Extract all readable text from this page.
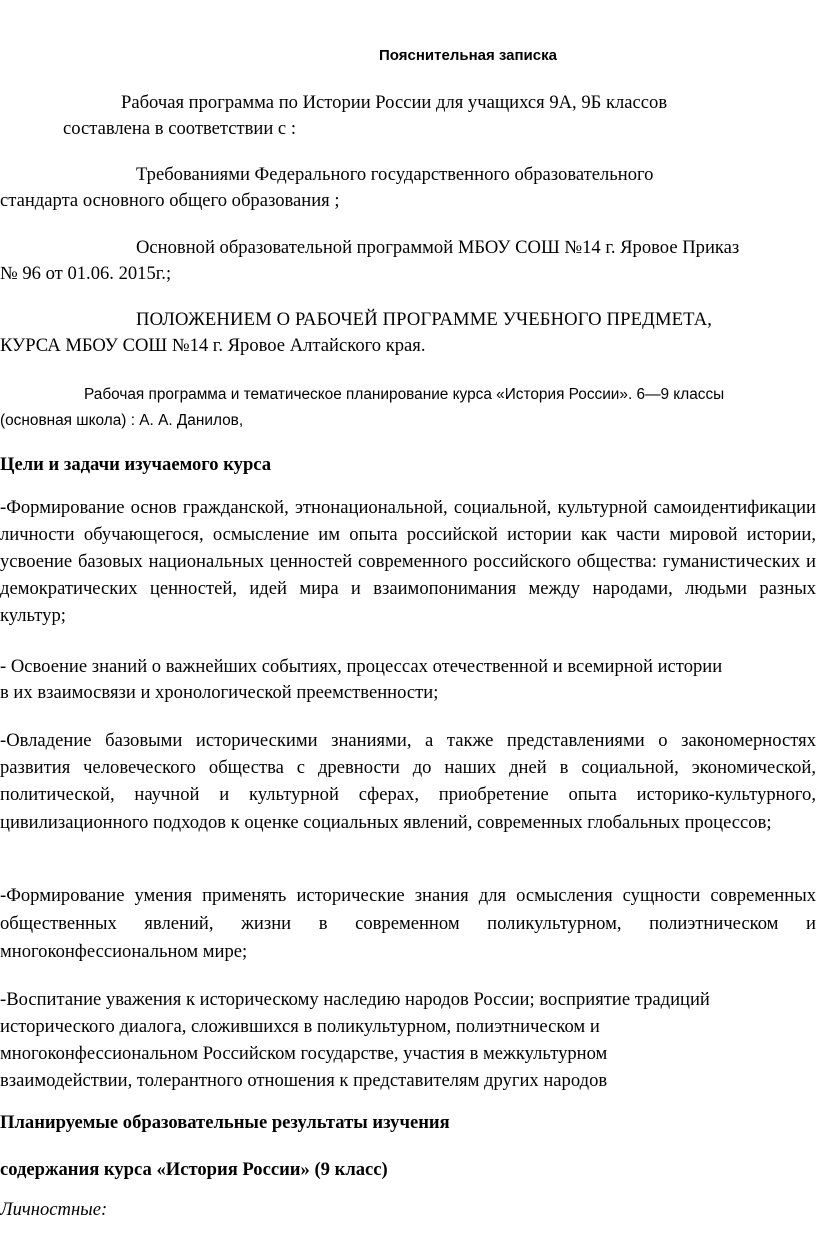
Пояснительная записка
Рабочая программа по Истории России для учащихся 9А, 9Б классов
составлена в соответствии с :
Требованиями Федерального государственного образовательного
стандарта основного общего образования ;
Основной образовательной программой МБОУ СОШ №14 г. Яровое Приказ
№ 96 от 01.06. 2015г.;
ПОЛОЖЕНИЕМ О РАБОЧЕЙ ПРОГРАММЕ УЧЕБНОГО ПРЕДМЕТА,
КУРСА МБОУ СОШ №14 г. Яровое Алтайского края.
Рабочая программа и тематическое планирование курса «История России». 6—9 классы
(основная школа) : А. А. Данилов,
Цели и задачи изучаемого курса
-Формирование основ гражданской, этнонациональной, социальной, культурной самоидентификации личности обучающегося, осмысление им опыта российской истории как части мировой истории, усвоение базовых национальных ценностей современного российского общества: гуманистических и демократических ценностей, идей мира и взаимопонимания между народами, людьми разных культур;
- Освоение знаний о важнейших событиях, процессах отечественной и всемирной истории
в их взаимосвязи и хронологической преемственности;
-Овладение базовыми историческими знаниями, а также представлениями о закономерностях развития человеческого общества с древности до наших дней в социальной, экономической, политической, научной и культурной сферах, приобретение опыта историко-культурного, цивилизационного подходов к оценке социальных явлений, современных глобальных процессов;
-Формирование умения применять исторические знания для осмысления сущности современных общественных явлений, жизни в современном поликультурном, полиэтническом и многоконфессиональном мире;
-Воспитание уважения к историческому наследию народов России; восприятие традиций
исторического диалога, сложившихся в поликультурном, полиэтническом и
многоконфессиональном Российском государстве, участия в межкультурном
взаимодействии, толерантного отношения к представителям других народов
Планируемые образовательные результаты изучения
содержания курса «История России» (9 класс)
Личностные:
